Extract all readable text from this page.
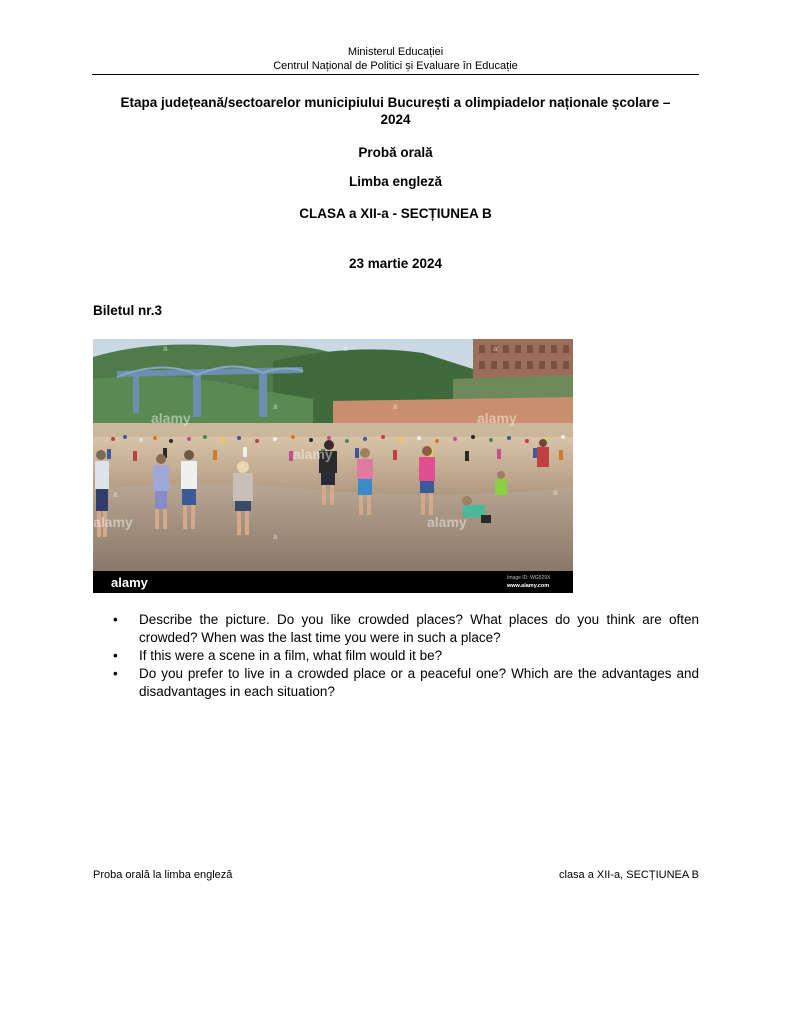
Ministerul Educației
Centrul Național de Politici și Evaluare în Educație
Etapa județeană/sectoarelor municipiului București a olimpiadelor naționale școlare –
2024
Probă orală
Limba engleză
CLASA a XII-a - SECȚIUNEA B
23 martie 2024
Biletul nr.3
alamy
alamy
alamy
alamy	alamy
a	a	a
a	a
a
a
a
alamy	Image ID: WG529X
www.alamy.com
• Describe the picture. Do you like crowded places? What places do you think are often crowded? When was the last time you were in such a place?
• If this were a scene in a film, what film would it be?
• Do you prefer to live in a crowded place or a peaceful one? Which are the advantages and disadvantages in each situation?
Proba orală la limba engleză	clasa a XII-a, SECȚIUNEA B
